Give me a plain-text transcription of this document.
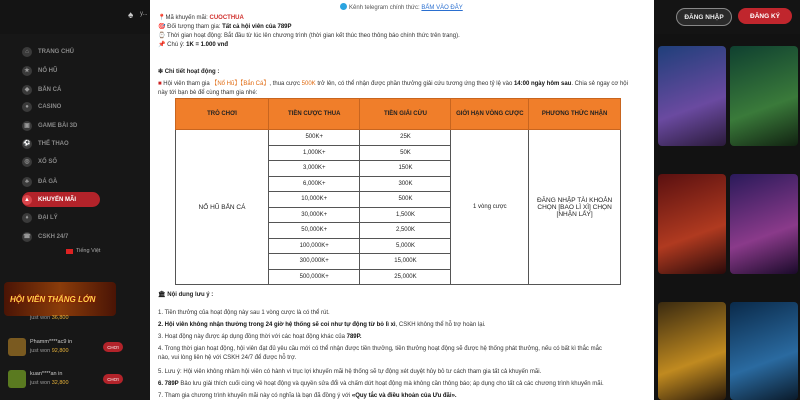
♠ y...	ĐĂNG NHẬP	ĐĂNG KÝ
⌂	TRANG CHỦ
★	NỔ HŨ
◆	BẮN CÁ
●	CASINO
▣	GAME BÀI 3D
⚽ THỂ THAO
◎	XỔ SỐ
♣	ĐÁ GÀ
▲	KHUYẾN MÃI
♦	ĐẠI LÝ
☎ CSKH 24/7
Tiếng Việt
HỘI VIÊN THẮNG LỚN
just won 36,800
Phamm****ac9 in
just won 92,800
CHƠI
kuan****an in
just won 32,800
CHƠI
Kênh telegram chính thức: BẤM VÀO ĐÂY
📍Mã khuyến mãi: CUOCTHUA
🎯 Đối tượng tham gia: Tất cả hội viên của 789P
⌚ Thời gian hoạt động: Bắt đầu từ lúc lên chương trình (thời gian kết thúc theo thông báo chính thức trên trang).
📌 Chú ý: 1K = 1.000 vnđ
❇ Chi tiết hoạt động :
■ Hội viên tham gia 【Nổ Hũ】【Bắn Cá】, thua cược 500K trở lên, có thể nhận được phần thưởng giải cứu tương ứng theo tỷ lệ vào 14:00 ngày hôm sau. Chia sẻ ngay cơ hội
này tới bạn bè để cùng tham gia nhé:
TRÒ CHƠI	TIỀN CƯỢC THUA	TIỀN GIẢI CỨU	GIỚI HẠN VÒNG CƯỢC	PHƯƠNG THỨC NHẬN
NỔ HŨ BẮN CÁ	500K+	25K	1 vòng cược	ĐĂNG NHẬP TÀI KHOẢN CHỌN [BAO LÌ XÌ] CHỌN [NHẬN LẤY]
	1,000K+	50K		
	3,000K+	150K		
	6,000K+	300K		
	10,000K+	500K		
	30,000K+	1,500K		
	50,000K+	2,500K		
	100,000K+	5,000K		
	300,000K+	15,000K		
	500,000K+	25,000K		
🏛 Nội dung lưu ý :
1. Tiền thưởng của hoạt động này sau 1 vòng cược là có thể rút.
2. Hội viên không nhận thưởng trong 24 giờ hệ thống sẽ coi như tự động từ bỏ lì xì, CSKH không thể hỗ trợ hoàn lại.
3. Hoạt động này được áp dụng đồng thời với các hoạt động khác của 789P.
4. Trong thời gian hoạt động, hội viên đạt đủ yêu cầu mới có thể nhận được tiền thưởng, tiền thưởng hoạt động sẽ được hệ thống phát thưởng, nếu có bất kì thắc mắc
nào, vui lòng liên hệ với CSKH 24/7 để được hỗ trợ.
5. Lưu ý: Hội viên không nhầm hội viên có hành vi trục lợi khuyến mãi hệ thống sẽ tự động xét duyệt hủy bỏ tư cách tham gia tất cả khuyến mãi.
6. 789P Bảo lưu giải thích cuối cùng về hoạt động và quyền sửa đổi và chấm dứt hoạt động mà không cần thông báo; áp dụng cho tất cả các chương trình khuyến mãi.
7. Tham gia chương trình khuyến mãi này có nghĩa là bạn đã đồng ý với «Quy tắc và điều khoản của Ưu đãi».
